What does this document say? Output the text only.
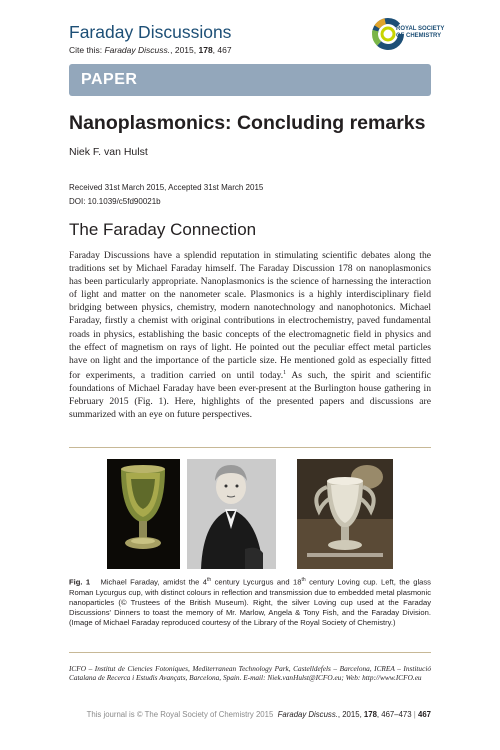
Faraday Discussions
Cite this: Faraday Discuss., 2015, 178, 467
ROYAL SOCIETY
OF CHEMISTRY
PAPER
Nanoplasmonics: Concluding remarks
Niek F. van Hulst
Received 31st March 2015, Accepted 31st March 2015
DOI: 10.1039/c5fd90021b
The Faraday Connection
Faraday Discussions have a splendid reputation in stimulating scientific debates along the traditions set by Michael Faraday himself. The Faraday Discussion 178 on nanoplasmonics has been particularly appropriate. Nanoplasmonics is the science of harnessing the interaction of light and matter on the nanometer scale. Plasmonics is a highly interdisciplinary field bridging between physics, chemistry, modern nanotechnology and nanophotonics. Michael Faraday, firstly a chemist with original contributions in electrochemistry, paved fundamental roads in physics, establishing the basic concepts of the electromagnetic field in physics and the effect of magnetism on rays of light. He pointed out the peculiar effect metal particles have on light and the importance of the particle size. He mentioned gold as especially fitted for experiments, a tradition carried on until today.$^1$ As such, the spirit and scientific foundations of Michael Faraday have been ever-present at the Burlington house gathering in February 2015 (Fig. 1). Here, highlights of the presented papers and discussions are summarized with an eye on future perspectives.
Fig. 1 Michael Faraday, amidst the 4th century Lycurgus and 18th century Loving cup. Left, the glass Roman Lycurgus cup, with distinct colours in reflection and transmission due to embedded metal plasmonic nanoparticles (© Trustees of the British Museum). Right, the silver Loving cup used at the Faraday Discussions' Dinners to toast the memory of Mr. Marlow, Angela & Tony Fish, and the Faraday Division. (Image of Michael Faraday reproduced courtesy of the Library of the Royal Society of Chemistry.)
ICFO – Institut de Ciencies Fotoniques, Mediterranean Technology Park, Castelldefels – Barcelona, ICREA – Institució Catalana de Recerca i Estudis Avançats, Barcelona, Spain. E-mail: Niek.vanHulst@ICFO.eu; Web: http://www.ICFO.eu
This journal is © The Royal Society of Chemistry 2015 Faraday Discuss., 2015, 178, 467–473 | 467
